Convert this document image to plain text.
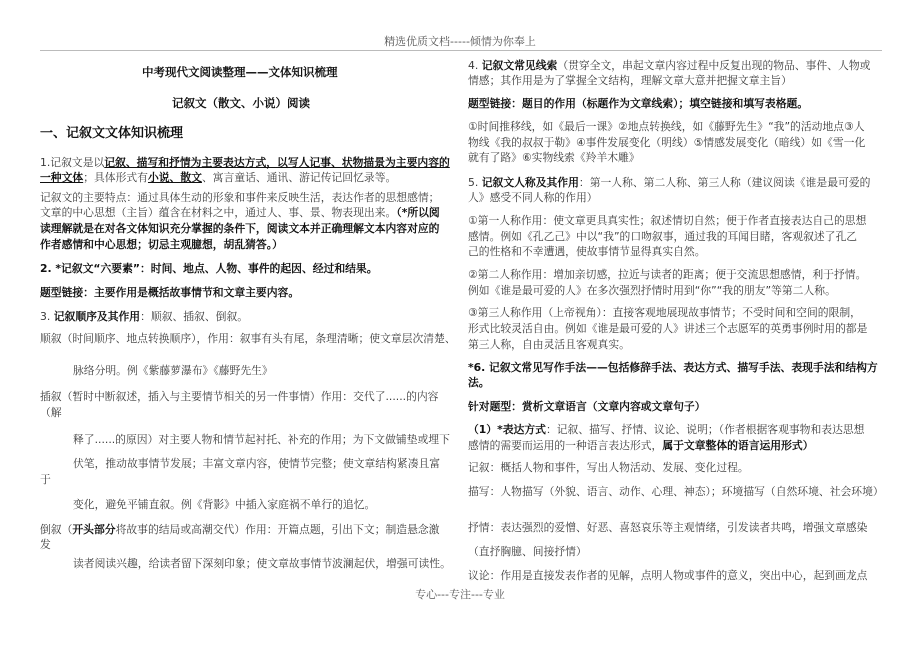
精选优质文档-----倾情为你奉上
中考现代文阅读整理——文体知识梳理
记叙文（散文、小说）阅读
一、记叙文文体知识梳理
1.记叙文是以记叙、描写和抒情为主要表达方式，以写人记事、状物描景为主要内容的
一种文体；具体形式有小说、散文、寓言童话、通讯、游记传记回忆录等。
记叙文的主要特点：通过具体生动的形象和事件来反映生活，表达作者的思想感情；
文章的中心思想（主旨）蕴含在材料之中，通过人、事、景、物表现出来。（*所以阅
读理解就是在对各文体知识充分掌握的条件下，阅读文本并正确理解文本内容对应的
作者感情和中心思想；切忌主观臆想，胡乱猜答。）
2. *记叙文“六要素”：时间、地点、人物、事件的起因、经过和结果。
题型链接：主要作用是概括故事情节和文章主要内容。
3. 记叙顺序及其作用：顺叙、插叙、倒叙。
顺叙（时间顺序、地点转换顺序），作用：叙事有头有尾，条理清晰；使文章层次清楚、
脉络分明。例《紫藤萝瀑布》《藤野先生》
插叙（暂时中断叙述，插入与主要情节相关的另一件事情）作用：交代了......的内容
（解
释了......的原因）对主要人物和情节起衬托、补充的作用；为下文做铺垫或埋下
伏笔，推动故事情节发展；丰富文章内容，使情节完整；使文章结构紧凑且富
于
变化，避免平铺直叙。例《背影》中插入家庭祸不单行的追忆。
倒叙（开头部分将故事的结局或高潮交代）作用：开篇点题，引出下文；制造悬念激
发
读者阅读兴趣，给读者留下深刻印象；使文章故事情节波澜起伏，增强可读性。
4. 记叙文常见线索（贯穿全文，串起文章内容过程中反复出现的物品、事件、人物或
情感；其作用是为了掌握全文结构，理解文章大意并把握文章主旨）
题型链接：题目的作用（标题作为文章线索）；填空链接和填写表格题。
①时间推移线，如《最后一课》②地点转换线，如《藤野先生》“我”的活动地点③人
物线《我的叔叔于勒》④事件发展变化（明线）⑤情感发展变化（暗线）如《雪一化
就有了路》⑥实物线索《羚羊木雕》
5. 记叙文人称及其作用：第一人称、第二人称、第三人称（建议阅读《谁是最可爱的
人》感受不同人称的作用）
①第一人称作用：使文章更具真实性；叙述情切自然；便于作者直接表达自己的思想
感情。例如《孔乙己》中以“我”的口吻叙事，通过我的耳闻目睹，客观叙述了孔乙
己的性格和不幸遭遇，使故事情节显得真实自然。
②第二人称作用：增加亲切感，拉近与读者的距离；便于交流思想感情，利于抒情。
例如《谁是最可爱的人》在多次强烈抒情时用到“你”“我的朋友”等第二人称。
③第三人称作用（上帝视角）：直接客观地展现故事情节；不受时间和空间的限制，
形式比较灵活自由。例如《谁是最可爱的人》讲述三个志愿军的英勇事例时用的都是
第三人称，自由灵活且客观真实。
*6. 记叙文常见写作手法——包括修辞手法、表达方式、描写手法、表现手法和结构方
法。
针对题型：赏析文章语言（文章内容或文章句子）
（1）*表达方式：记叙、描写、抒情、议论、说明；（作者根据客观事物和表达思想
感情的需要而运用的一种语言表达形式，属于文章整体的语言运用形式）
记叙：概括人物和事件，写出人物活动、发展、变化过程。
描写：人物描写（外貌、语言、动作、心理、神态）；环境描写（自然环境、社会环境）
抒情：表达强烈的爱憎、好恶、喜怒哀乐等主观情绪，引发读者共鸣，增强文章感染
（直抒胸臆、间接抒情）
议论：作用是直接发表作者的见解，点明人物或事件的意义，突出中心，起到画龙点
专心---专注---专业
